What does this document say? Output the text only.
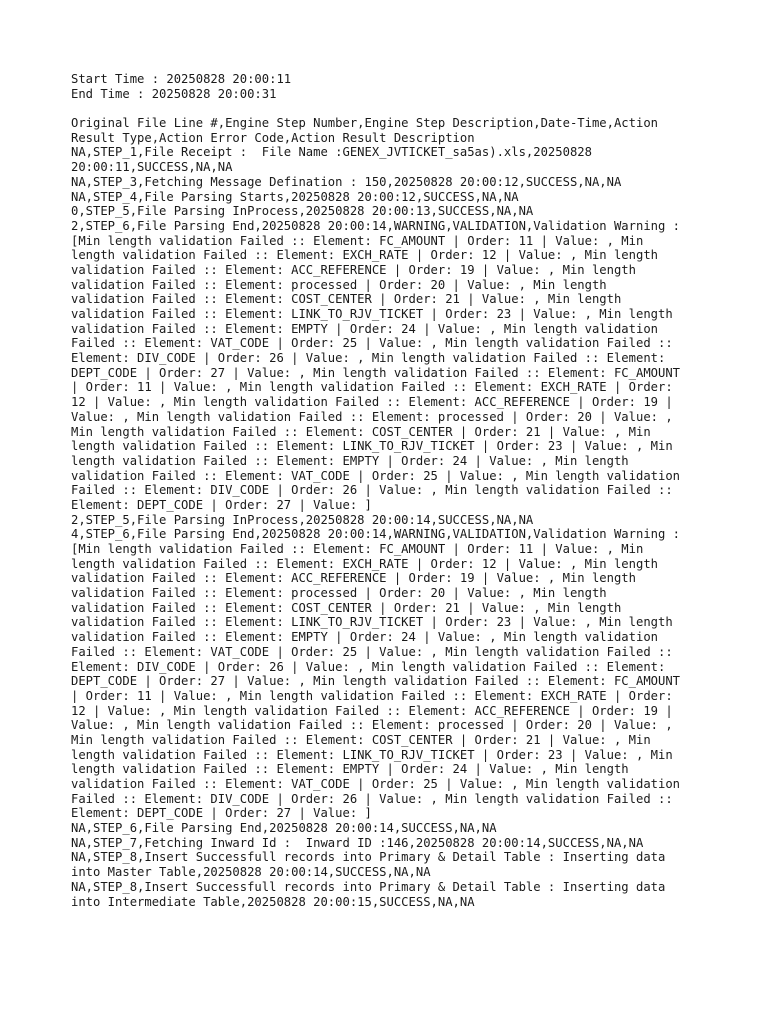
Start Time : 20250828 20:00:11
End Time : 20250828 20:00:31
Original File Line #,Engine Step Number,Engine Step Description,Date-Time,Action
Result Type,Action Error Code,Action Result Description
NA,STEP_1,File Receipt :  File Name :GENEX_JVTICKET_sa5as).xls,20250828
20:00:11,SUCCESS,NA,NA
NA,STEP_3,Fetching Message Defination : 150,20250828 20:00:12,SUCCESS,NA,NA
NA,STEP_4,File Parsing Starts,20250828 20:00:12,SUCCESS,NA,NA
0,STEP_5,File Parsing InProcess,20250828 20:00:13,SUCCESS,NA,NA
2,STEP_6,File Parsing End,20250828 20:00:14,WARNING,VALIDATION,Validation Warning :
[Min length validation Failed :: Element: FC_AMOUNT | Order: 11 | Value: , Min
length validation Failed :: Element: EXCH_RATE | Order: 12 | Value: , Min length
validation Failed :: Element: ACC_REFERENCE | Order: 19 | Value: , Min length
validation Failed :: Element: processed | Order: 20 | Value: , Min length
validation Failed :: Element: COST_CENTER | Order: 21 | Value: , Min length
validation Failed :: Element: LINK_TO_RJV_TICKET | Order: 23 | Value: , Min length
validation Failed :: Element: EMPTY | Order: 24 | Value: , Min length validation
Failed :: Element: VAT_CODE | Order: 25 | Value: , Min length validation Failed ::
Element: DIV_CODE | Order: 26 | Value: , Min length validation Failed :: Element:
DEPT_CODE | Order: 27 | Value: , Min length validation Failed :: Element: FC_AMOUNT
| Order: 11 | Value: , Min length validation Failed :: Element: EXCH_RATE | Order:
12 | Value: , Min length validation Failed :: Element: ACC_REFERENCE | Order: 19 |
Value: , Min length validation Failed :: Element: processed | Order: 20 | Value: ,
Min length validation Failed :: Element: COST_CENTER | Order: 21 | Value: , Min
length validation Failed :: Element: LINK_TO_RJV_TICKET | Order: 23 | Value: , Min
length validation Failed :: Element: EMPTY | Order: 24 | Value: , Min length
validation Failed :: Element: VAT_CODE | Order: 25 | Value: , Min length validation
Failed :: Element: DIV_CODE | Order: 26 | Value: , Min length validation Failed ::
Element: DEPT_CODE | Order: 27 | Value: ]
2,STEP_5,File Parsing InProcess,20250828 20:00:14,SUCCESS,NA,NA
4,STEP_6,File Parsing End,20250828 20:00:14,WARNING,VALIDATION,Validation Warning :
[Min length validation Failed :: Element: FC_AMOUNT | Order: 11 | Value: , Min
length validation Failed :: Element: EXCH_RATE | Order: 12 | Value: , Min length
validation Failed :: Element: ACC_REFERENCE | Order: 19 | Value: , Min length
validation Failed :: Element: processed | Order: 20 | Value: , Min length
validation Failed :: Element: COST_CENTER | Order: 21 | Value: , Min length
validation Failed :: Element: LINK_TO_RJV_TICKET | Order: 23 | Value: , Min length
validation Failed :: Element: EMPTY | Order: 24 | Value: , Min length validation
Failed :: Element: VAT_CODE | Order: 25 | Value: , Min length validation Failed ::
Element: DIV_CODE | Order: 26 | Value: , Min length validation Failed :: Element:
DEPT_CODE | Order: 27 | Value: , Min length validation Failed :: Element: FC_AMOUNT
| Order: 11 | Value: , Min length validation Failed :: Element: EXCH_RATE | Order:
12 | Value: , Min length validation Failed :: Element: ACC_REFERENCE | Order: 19 |
Value: , Min length validation Failed :: Element: processed | Order: 20 | Value: ,
Min length validation Failed :: Element: COST_CENTER | Order: 21 | Value: , Min
length validation Failed :: Element: LINK_TO_RJV_TICKET | Order: 23 | Value: , Min
length validation Failed :: Element: EMPTY | Order: 24 | Value: , Min length
validation Failed :: Element: VAT_CODE | Order: 25 | Value: , Min length validation
Failed :: Element: DIV_CODE | Order: 26 | Value: , Min length validation Failed ::
Element: DEPT_CODE | Order: 27 | Value: ]
NA,STEP_6,File Parsing End,20250828 20:00:14,SUCCESS,NA,NA
NA,STEP_7,Fetching Inward Id :  Inward ID :146,20250828 20:00:14,SUCCESS,NA,NA
NA,STEP_8,Insert Successfull records into Primary & Detail Table : Inserting data
into Master Table,20250828 20:00:14,SUCCESS,NA,NA
NA,STEP_8,Insert Successfull records into Primary & Detail Table : Inserting data
into Intermediate Table,20250828 20:00:15,SUCCESS,NA,NA
